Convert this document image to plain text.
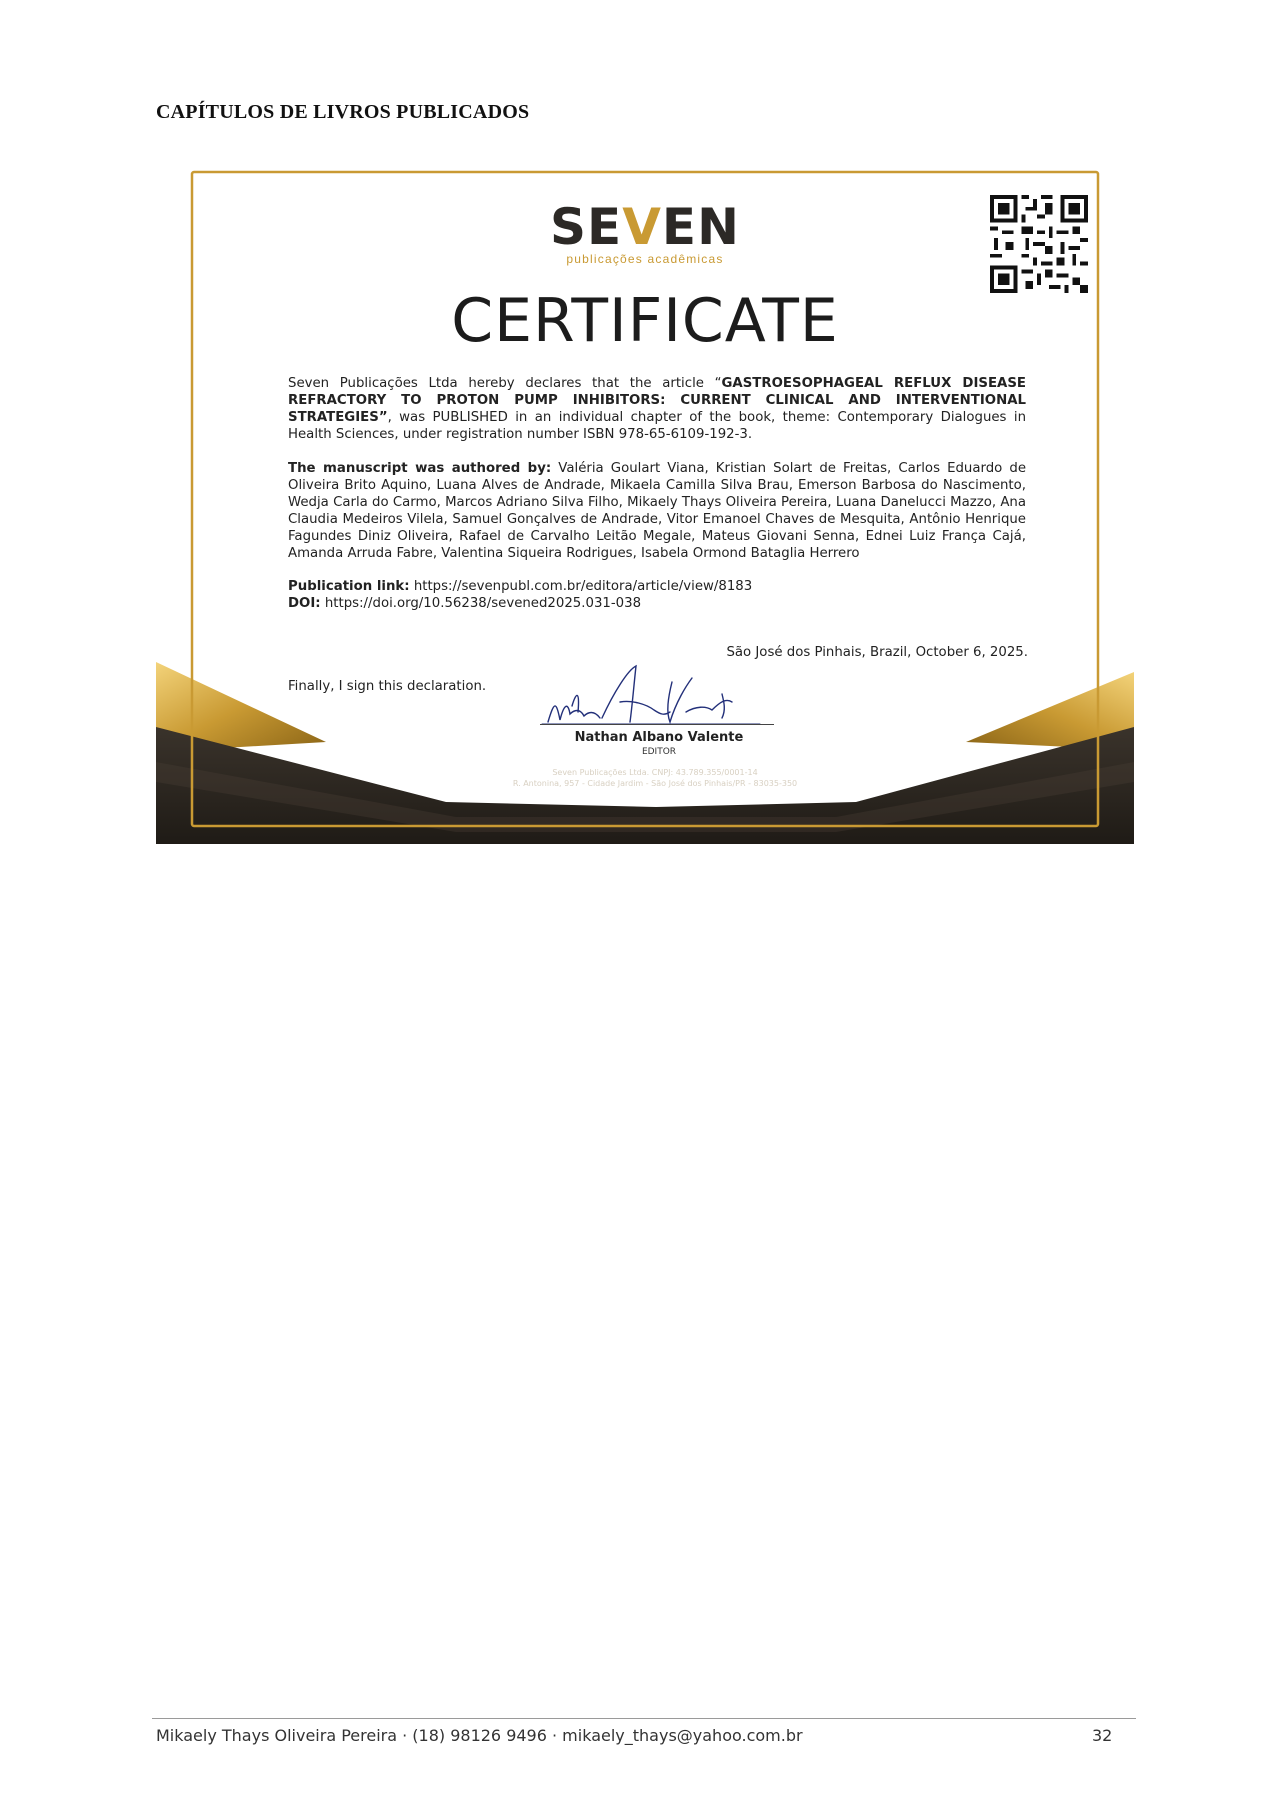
CAPÍTULOS DE LIVROS PUBLICADOS
SEVEN
publicações acadêmicas
CERTIFICATE
Seven Publicações Ltda hereby declares that the article “GASTROESOPHAGEAL REFLUX DISEASE REFRACTORY TO PROTON PUMP INHIBITORS: CURRENT CLINICAL AND INTERVENTIONAL STRATEGIES”, was PUBLISHED in an individual chapter of the book, theme: Contemporary Dialogues in Health Sciences, under registration number ISBN 978-65-6109-192-3.
The manuscript was authored by: Valéria Goulart Viana, Kristian Solart de Freitas, Carlos Eduardo de Oliveira Brito Aquino, Luana Alves de Andrade, Mikaela Camilla Silva Brau, Emerson Barbosa do Nascimento, Wedja Carla do Carmo, Marcos Adriano Silva Filho, Mikaely Thays Oliveira Pereira, Luana Danelucci Mazzo, Ana Claudia Medeiros Vilela, Samuel Gonçalves de Andrade, Vitor Emanoel Chaves de Mesquita, Antônio Henrique Fagundes Diniz Oliveira, Rafael de Carvalho Leitão Megale, Mateus Giovani Senna, Ednei Luiz França Cajá, Amanda Arruda Fabre, Valentina Siqueira Rodrigues, Isabela Ormond Bataglia Herrero
Publication link: https://sevenpubl.com.br/editora/article/view/8183
DOI: https://doi.org/10.56238/sevened2025.031-038
São José dos Pinhais, Brazil, October 6, 2025.
Finally, I sign this declaration.
Nathan Albano Valente
EDITOR
Seven Publicações Ltda. CNPJ: 43.789.355/0001-14
R. Antonina, 957 - Cidade Jardim - São José dos Pinhais/PR - 83035-350
Mikaely Thays Oliveira Pereira · (18) 98126 9496 · mikaely_thays@yahoo.com.br	32
